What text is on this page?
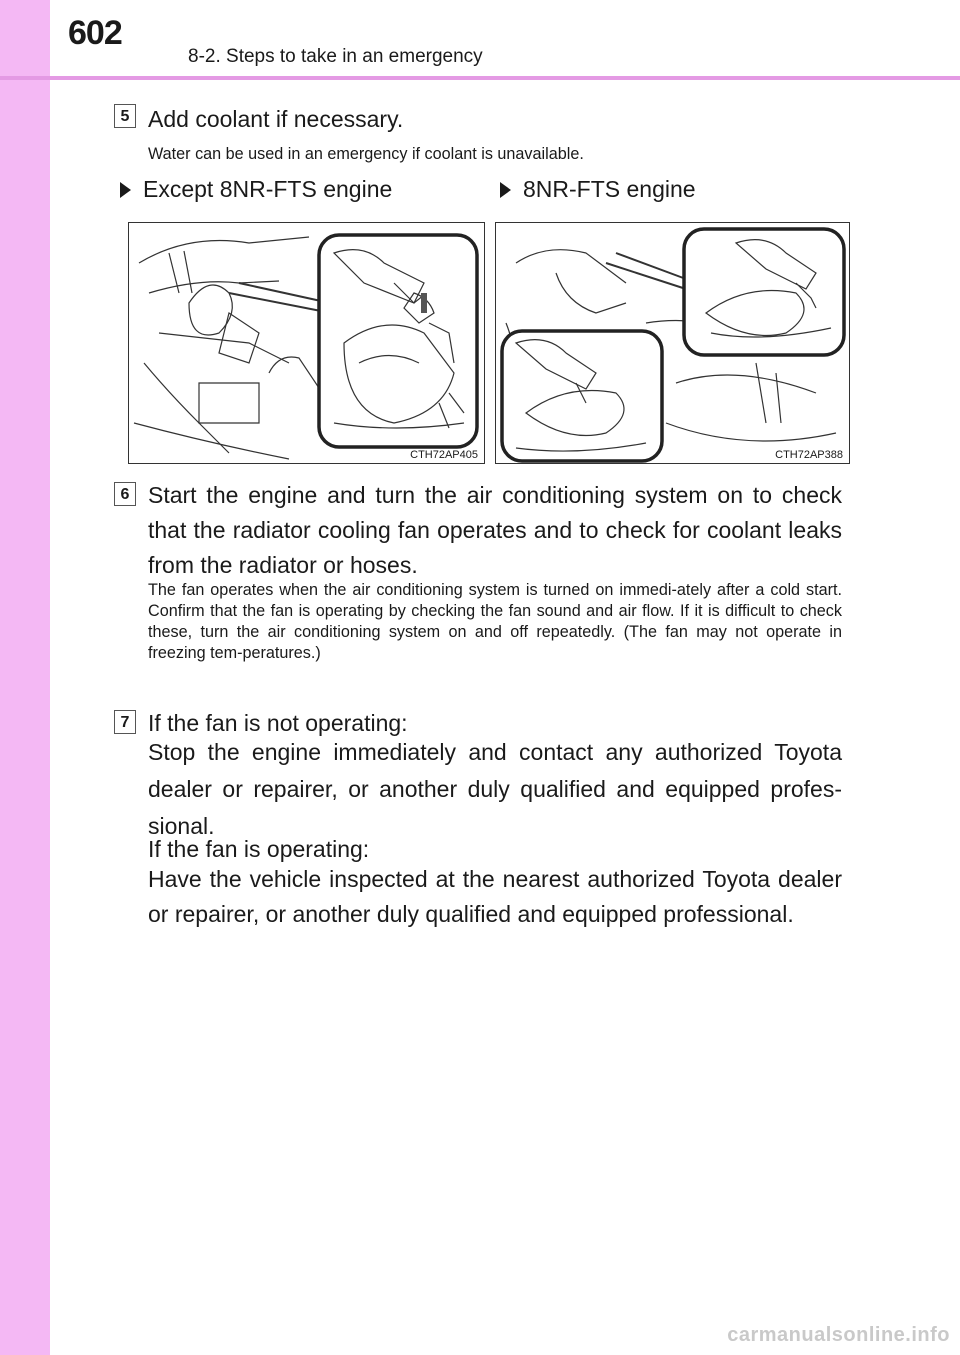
602
8-2. Steps to take in an emergency
5 Add coolant if necessary.
Water can be used in an emergency if coolant is unavailable.
Except 8NR-FTS engine	8NR-FTS engine
CTH72AP405	CTH72AP388
6 Start the engine and turn the air conditioning system on to check that the radiator cooling fan operates and to check for coolant leaks from the radiator or hoses.
The fan operates when the air conditioning system is turned on immedi-ately after a cold start. Confirm that the fan is operating by checking the fan sound and air flow. If it is difficult to check these, turn the air conditioning system on and off repeatedly. (The fan may not operate in freezing tem-peratures.)
7 If the fan is not operating:
Stop the engine immediately and contact any authorized Toyota dealer or repairer, or another duly qualified and equipped profes-sional.
If the fan is operating:
Have the vehicle inspected at the nearest authorized Toyota dealer or repairer, or another duly qualified and equipped professional.
carmanualsonline.info
